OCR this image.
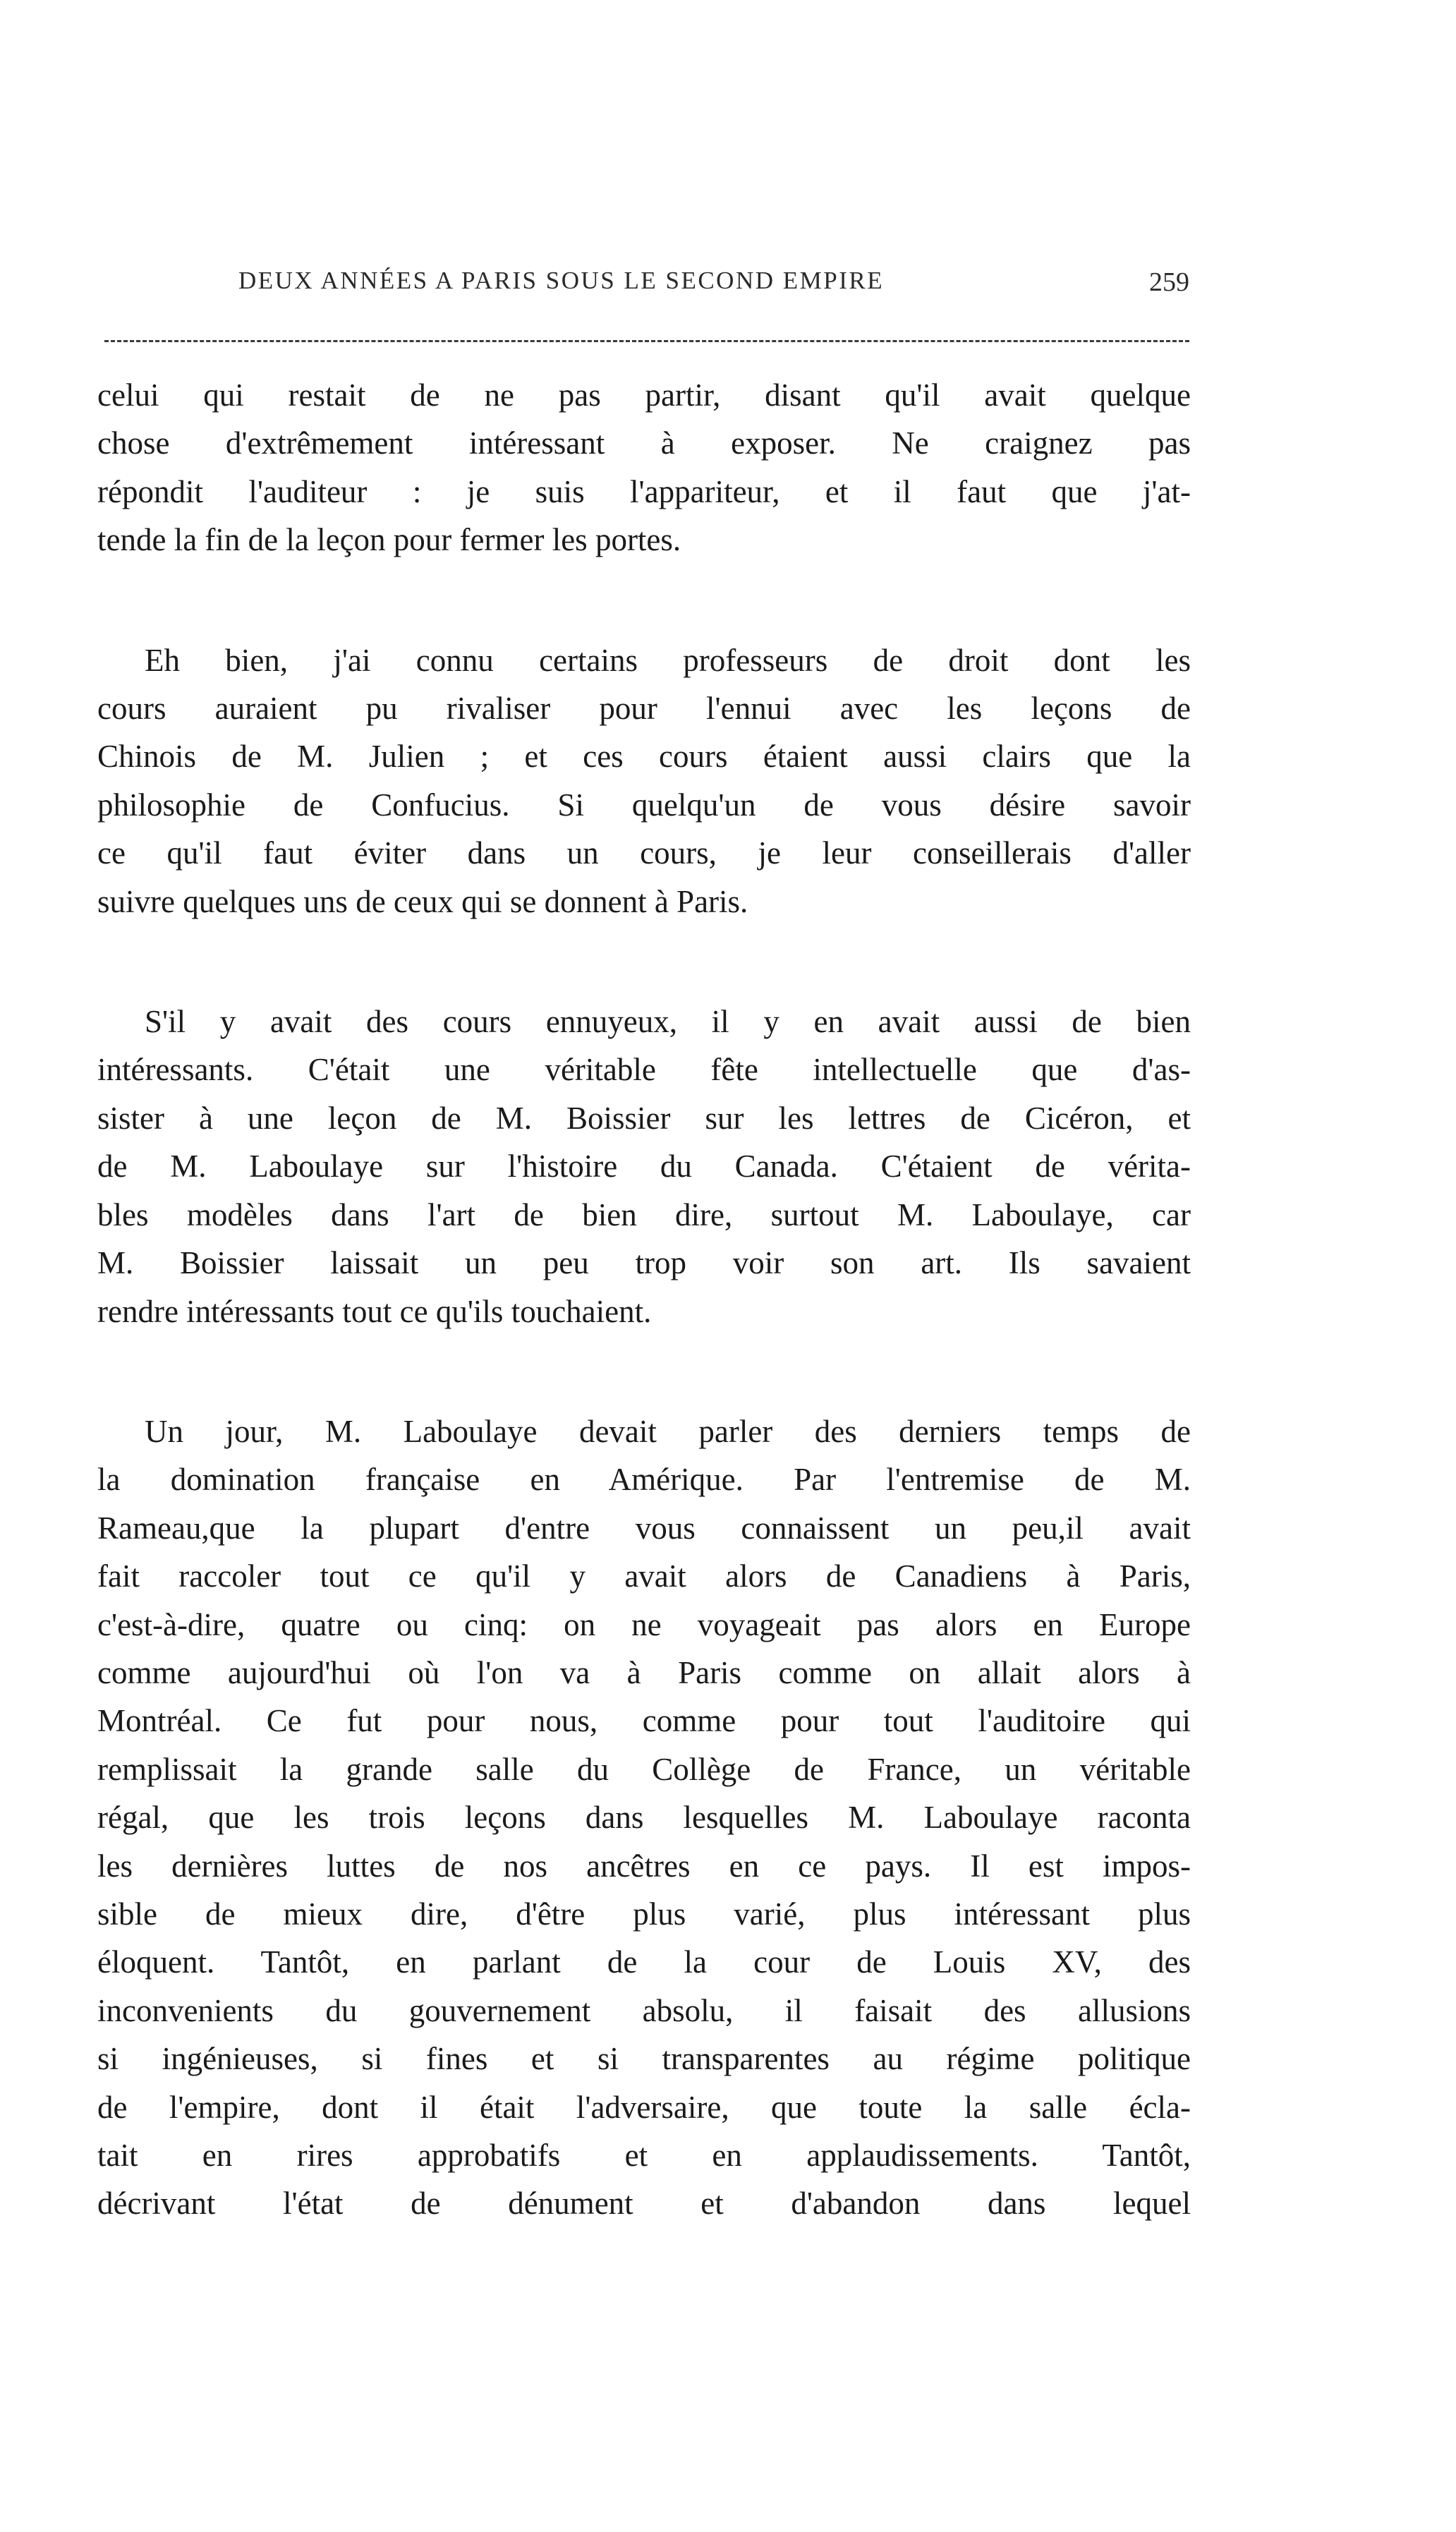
DEUX ANNÉES A PARIS SOUS LE SECOND EMPIRE	259

celui qui restait de ne pas partir, disant qu'il avait quelque
chose d'extrêmement intéressant à exposer. Ne craignez pas
répondit l'auditeur : je suis l'appariteur, et il faut que j'at-
tende la fin de la leçon pour fermer les portes.

Eh bien, j'ai connu certains professeurs de droit dont les
cours auraient pu rivaliser pour l'ennui avec les leçons de
Chinois de M. Julien ; et ces cours étaient aussi clairs que la
philosophie de Confucius. Si quelqu'un de vous désire savoir
ce qu'il faut éviter dans un cours, je leur conseillerais d'aller
suivre quelques uns de ceux qui se donnent à Paris.

S'il y avait des cours ennuyeux, il y en avait aussi de bien
intéressants. C'était une véritable fête intellectuelle que d'as-
sister à une leçon de M. Boissier sur les lettres de Cicéron, et
de M. Laboulaye sur l'histoire du Canada. C'étaient de vérita-
bles modèles dans l'art de bien dire, surtout M. Laboulaye, car
M. Boissier laissait un peu trop voir son art. Ils savaient
rendre intéressants tout ce qu'ils touchaient.

Un jour, M. Laboulaye devait parler des derniers temps de
la domination française en Amérique. Par l'entremise de M.
Rameau,que la plupart d'entre vous connaissent un peu,il avait
fait raccoler tout ce qu'il y avait alors de Canadiens à Paris,
c'est-à-dire, quatre ou cinq: on ne voyageait pas alors en Europe
comme aujourd'hui où l'on va à Paris comme on allait alors à
Montréal. Ce fut pour nous, comme pour tout l'auditoire qui
remplissait la grande salle du Collège de France, un véritable
régal, que les trois leçons dans lesquelles M. Laboulaye raconta
les dernières luttes de nos ancêtres en ce pays. Il est impos-
sible de mieux dire, d'être plus varié, plus intéressant plus
éloquent. Tantôt, en parlant de la cour de Louis XV, des
inconvenients du gouvernement absolu, il faisait des allusions
si ingénieuses, si fines et si transparentes au régime politique
de l'empire, dont il était l'adversaire, que toute la salle écla-
tait en rires approbatifs et en applaudissements. Tantôt,
décrivant l'état de dénument et d'abandon dans lequel
